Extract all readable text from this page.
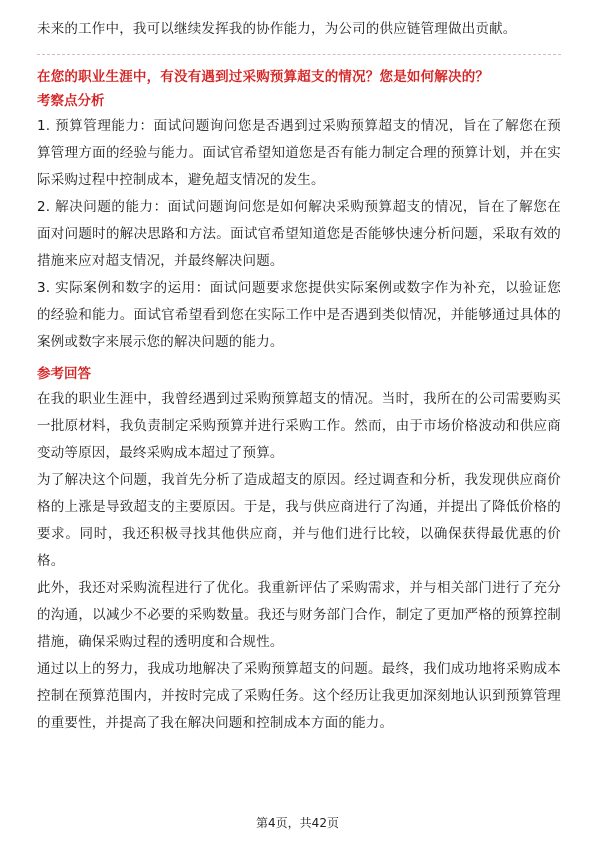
未来的工作中，我可以继续发挥我的协作能力，为公司的供应链管理做出贡献。

在您的职业生涯中，有没有遇到过采购预算超支的情况？您是如何解决的？
考察点分析

1. 预算管理能力：面试问题询问您是否遇到过采购预算超支的情况，旨在了解您在预算管理方面的经验与能力。面试官希望知道您是否有能力制定合理的预算计划，并在实际采购过程中控制成本，避免超支情况的发生。

2. 解决问题的能力：面试问题询问您是如何解决采购预算超支的情况，旨在了解您在面对问题时的解决思路和方法。面试官希望知道您是否能够快速分析问题，采取有效的措施来应对超支情况，并最终解决问题。

3. 实际案例和数字的运用：面试问题要求您提供实际案例或数字作为补充，以验证您的经验和能力。面试官希望看到您在实际工作中是否遇到类似情况，并能够通过具体的案例或数字来展示您的解决问题的能力。

参考回答

在我的职业生涯中，我曾经遇到过采购预算超支的情况。当时，我所在的公司需要购买一批原材料，我负责制定采购预算并进行采购工作。然而，由于市场价格波动和供应商变动等原因，最终采购成本超过了预算。

为了解决这个问题，我首先分析了造成超支的原因。经过调查和分析，我发现供应商价格的上涨是导致超支的主要原因。于是，我与供应商进行了沟通，并提出了降低价格的要求。同时，我还积极寻找其他供应商，并与他们进行比较，以确保获得最优惠的价格。

此外，我还对采购流程进行了优化。我重新评估了采购需求，并与相关部门进行了充分的沟通，以减少不必要的采购数量。我还与财务部门合作，制定了更加严格的预算控制措施，确保采购过程的透明度和合规性。

通过以上的努力，我成功地解决了采购预算超支的问题。最终，我们成功地将采购成本控制在预算范围内，并按时完成了采购任务。这个经历让我更加深刻地认识到预算管理的重要性，并提高了我在解决问题和控制成本方面的能力。

第4页，共42页
